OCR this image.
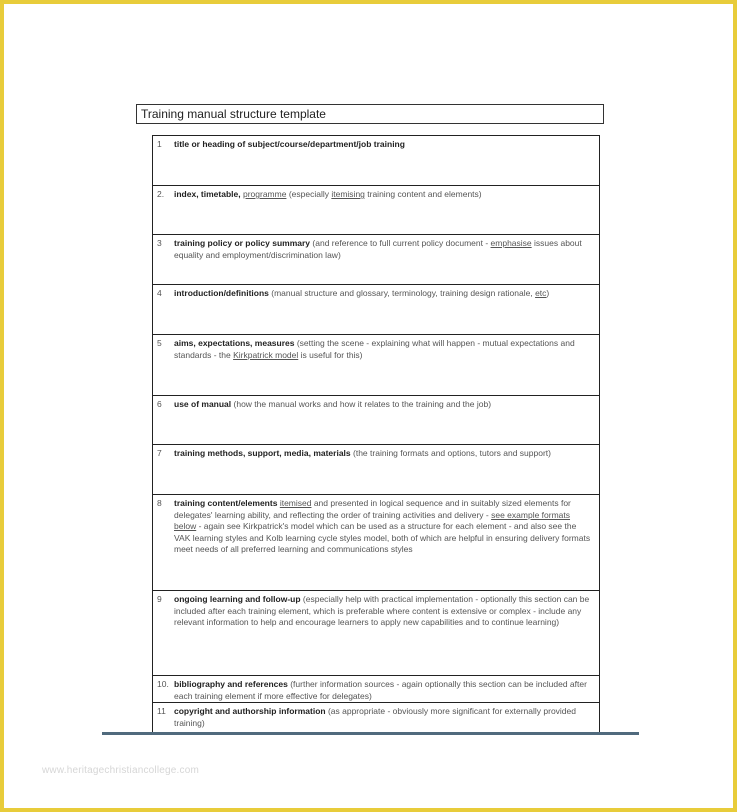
Training manual structure template
1 title or heading of subject/course/department/job training
2. index, timetable, programme (especially itemising training content and elements)
3 training policy or policy summary (and reference to full current policy document - emphasise issues about equality and employment/discrimination law)
4 introduction/definitions (manual structure and glossary, terminology, training design rationale, etc)
5 aims, expectations, measures (setting the scene - explaining what will happen - mutual expectations and standards - the Kirkpatrick model is useful for this)
6 use of manual (how the manual works and how it relates to the training and the job)
7 training methods, support, media, materials (the training formats and options, tutors and support)
8 training content/elements itemised and presented in logical sequence and in suitably sized elements for delegates' learning ability, and reflecting the order of training activities and delivery - see example formats below - again see Kirkpatrick's model which can be used as a structure for each element - and also see the VAK learning styles and Kolb learning cycle styles model, both of which are helpful in ensuring delivery formats meet needs of all preferred learning and communications styles
9 ongoing learning and follow-up (especially help with practical implementation - optionally this section can be included after each training element, which is preferable where content is extensive or complex - include any relevant information to help and encourage learners to apply new capabilities and to continue learning)
10. bibliography and references (further information sources - again optionally this section can be included after each training element if more effective for delegates)
11 copyright and authorship information (as appropriate - obviously more significant for externally provided training)
www.heritagechristiancollege.com
